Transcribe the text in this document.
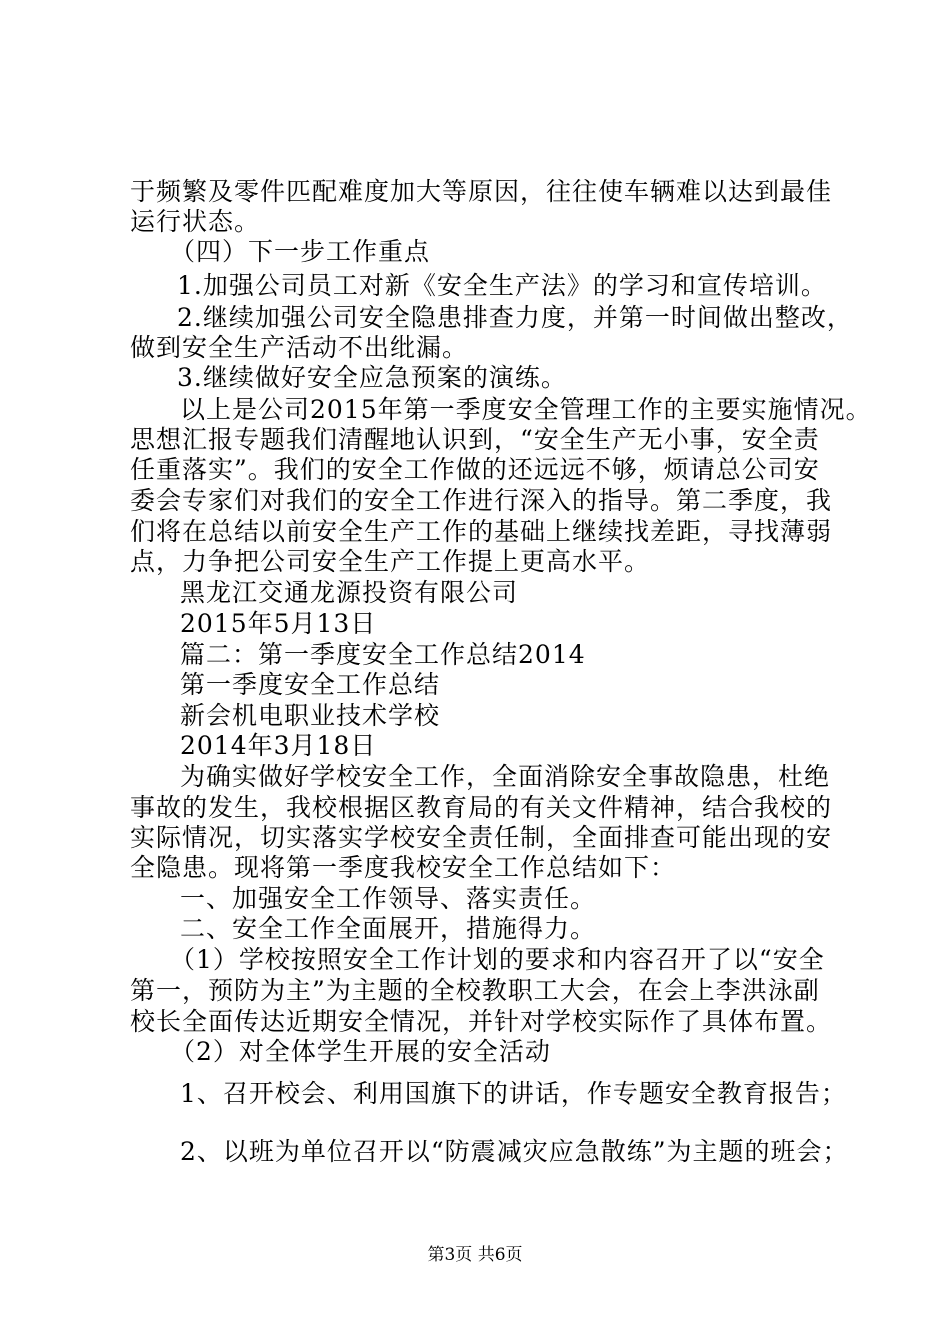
于频繁及零件匹配难度加大等原因，往往使车辆难以达到最佳
运行状态。
（四）下一步工作重点
1.加强公司员工对新《安全生产法》的学习和宣传培训。
2.继续加强公司安全隐患排查力度，并第一时间做出整改，
做到安全生产活动不出纰漏。
3.继续做好安全应急预案的演练。
以上是公司2015年第一季度安全管理工作的主要实施情况。
思想汇报专题我们清醒地认识到，“安全生产无小事，安全责
任重落实”。我们的安全工作做的还远远不够，烦请总公司安
委会专家们对我们的安全工作进行深入的指导。第二季度，我
们将在总结以前安全生产工作的基础上继续找差距，寻找薄弱
点，力争把公司安全生产工作提上更高水平。
黑龙江交通龙源投资有限公司
2015年5月13日
篇二：第一季度安全工作总结2014
第一季度安全工作总结
新会机电职业技术学校
2014年3月18日
为确实做好学校安全工作，全面消除安全事故隐患，杜绝
事故的发生，我校根据区教育局的有关文件精神，结合我校的
实际情况，切实落实学校安全责任制，全面排查可能出现的安
全隐患。现将第一季度我校安全工作总结如下：
一、加强安全工作领导、落实责任。
二、安全工作全面展开，措施得力。
（1）学校按照安全工作计划的要求和内容召开了以“安全
第一，预防为主”为主题的全校教职工大会，在会上李洪泳副
校长全面传达近期安全情况，并针对学校实际作了具体布置。
（2）对全体学生开展的安全活动
1、召开校会、利用国旗下的讲话，作专题安全教育报告；
2、以班为单位召开以“防震减灾应急散练”为主题的班会；
第3页 共6页
